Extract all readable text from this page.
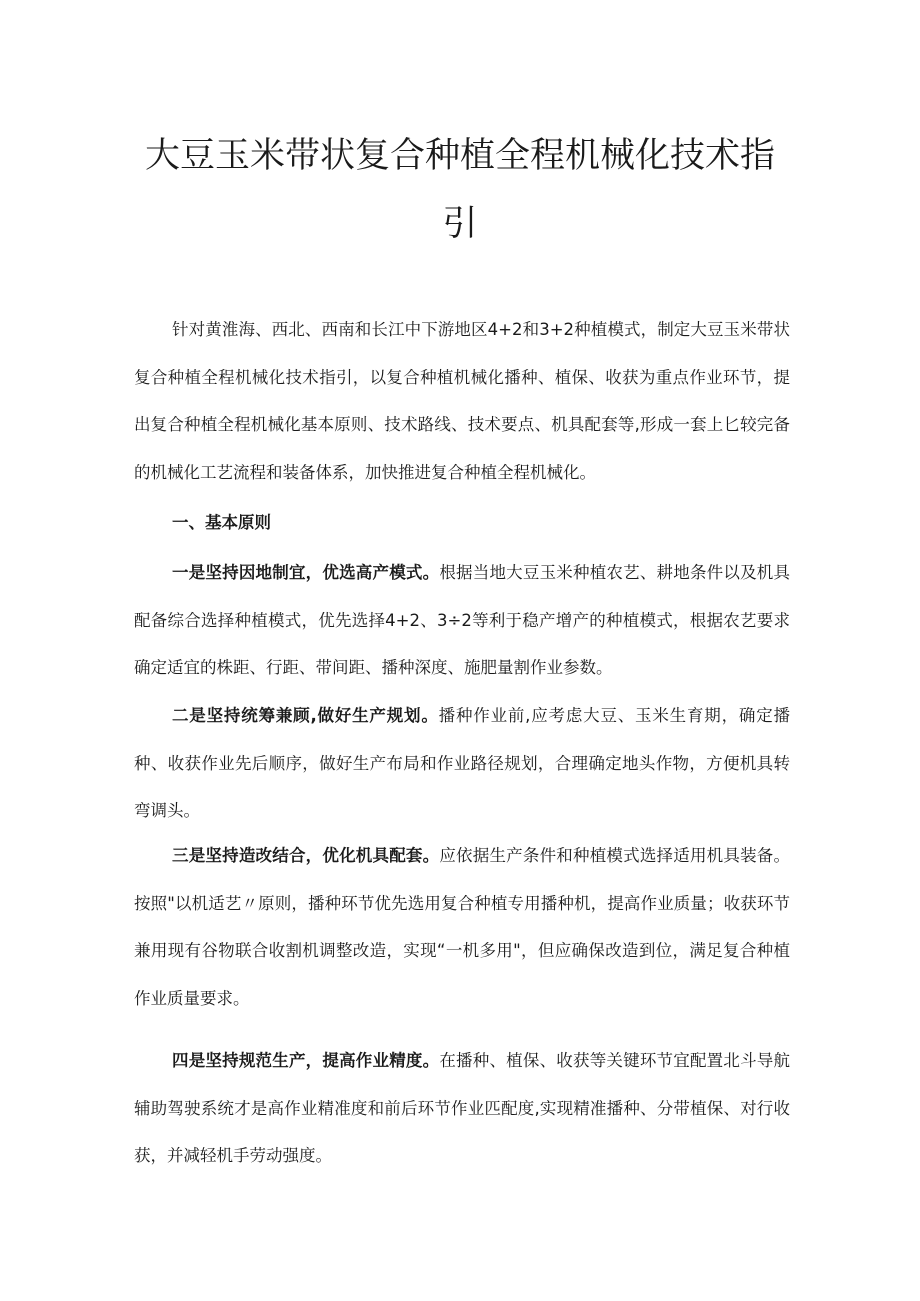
大豆玉米带状复合种植全程机械化技术指
引

针对黄淮海、西北、西南和长江中下游地区4+2和3+2种植模式，制定大豆玉米带状复合种植全程机械化技术指引，以复合种植机械化播种、植保、收获为重点作业环节，提出复合种植全程机械化基本原则、技术路线、技术要点、机具配套等,形成一套上匕较完备的机械化工艺流程和装备体系，加快推进复合种植全程机械化。

一、基本原则

一是坚持因地制宜，优选高产模式。根据当地大豆玉米种植农艺、耕地条件以及机具配备综合选择种植模式，优先选择4+2、3÷2等利于稳产增产的种植模式，根据农艺要求确定适宜的株距、行距、带间距、播种深度、施肥量割作业参数。

二是坚持统筹兼顾,做好生产规划。播种作业前,应考虑大豆、玉米生育期，确定播种、收获作业先后顺序，做好生产布局和作业路径规划，合理确定地头作物，方便机具转弯调头。

三是坚持造改结合，优化机具配套。应依据生产条件和种植模式选择适用机具装备。按照"以机适艺〃原则，播种环节优先选用复合种植专用播种机，提高作业质量；收获环节兼用现有谷物联合收割机调整改造，实现“一机多用"，但应确保改造到位，满足复合种植作业质量要求。

四是坚持规范生产，提高作业精度。在播种、植保、收获等关键环节宜配置北斗导航辅助驾驶系统才是高作业精准度和前后环节作业匹配度,实现精准播种、分带植保、对行收获，并减轻机手劳动强度。
